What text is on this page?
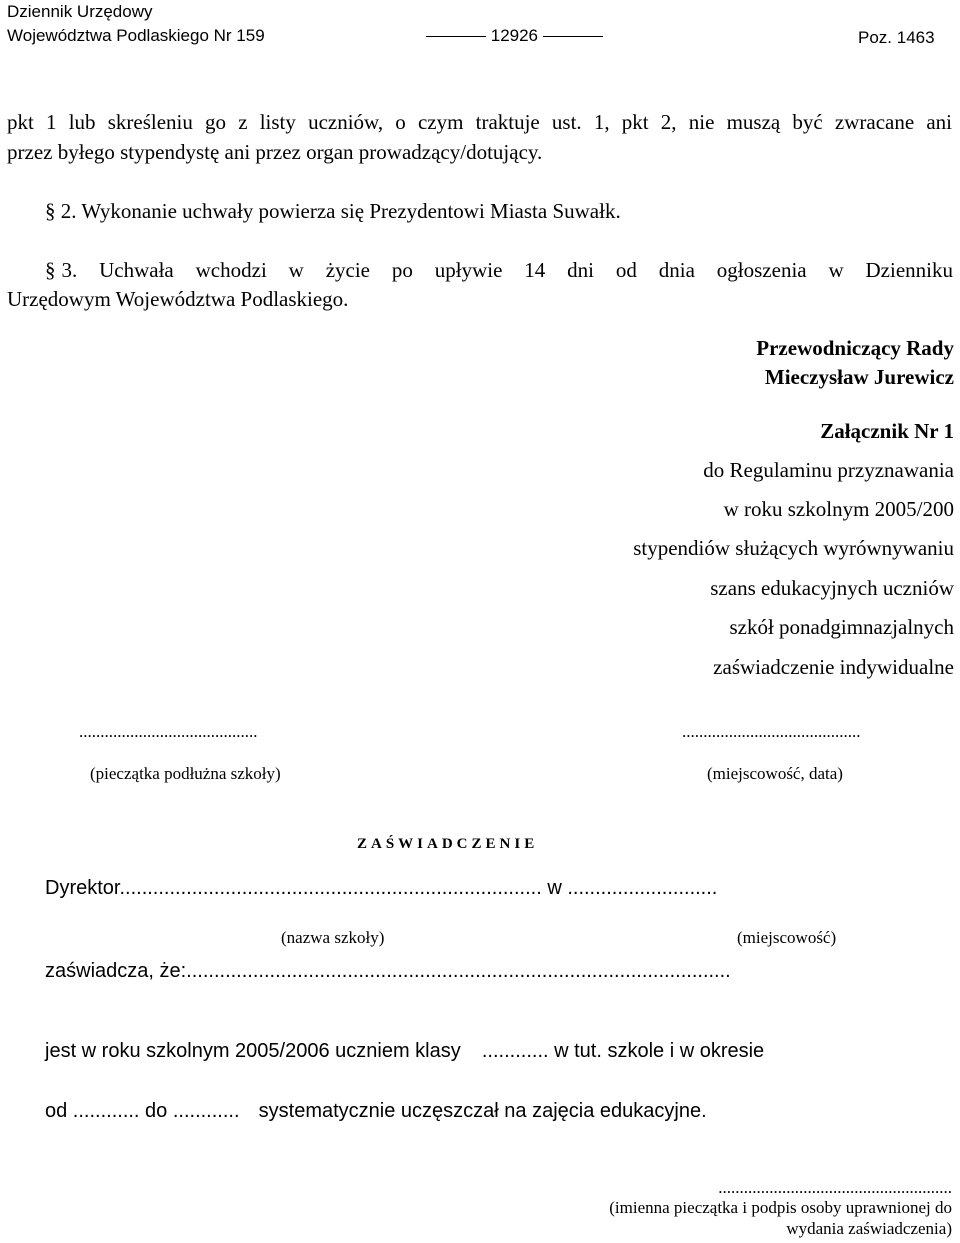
Dziennik Urzędowy
Województwa Podlaskiego Nr 159	12926	Poz. 1463
pkt 1 lub skreśleniu go z listy uczniów, o czym traktuje ust. 1, pkt 2, nie muszą być zwracane ani
przez byłego stypendystę ani przez organ prowadzący/dotujący.
§ 2. Wykonanie uchwały powierza się Prezydentowi Miasta Suwałk.
§ 3. Uchwała wchodzi w życie po upływie 14 dni od dnia ogłoszenia w Dzienniku
Urzędowym Województwa Podlaskiego.
Przewodniczący Rady
Mieczysław Jurewicz
Załącznik Nr 1
do Regulaminu przyznawania
w roku szkolnym 2005/200
stypendiów służących wyrównywaniu
szans edukacyjnych uczniów
szkół ponadgimnazjalnych
zaświadczenie indywidualne
..........................................
(pieczątka podłużna szkoły)
..........................................
(miejscowość, data)
ZAŚWIADCZENIE
Dyrektor............................................................................ w ...........................
(nazwa szkoły)	(miejscowość)
zaświadcza, że:..................................................................................................
jest w roku szkolnym 2005/2006 uczniem klasy ............ w tut. szkole i w okresie
od ............ do ............ systematycznie uczęszczał na zajęcia edukacyjne.
.......................................................
(imienna pieczątka i podpis osoby uprawnionej do
wydania zaświadczenia)
